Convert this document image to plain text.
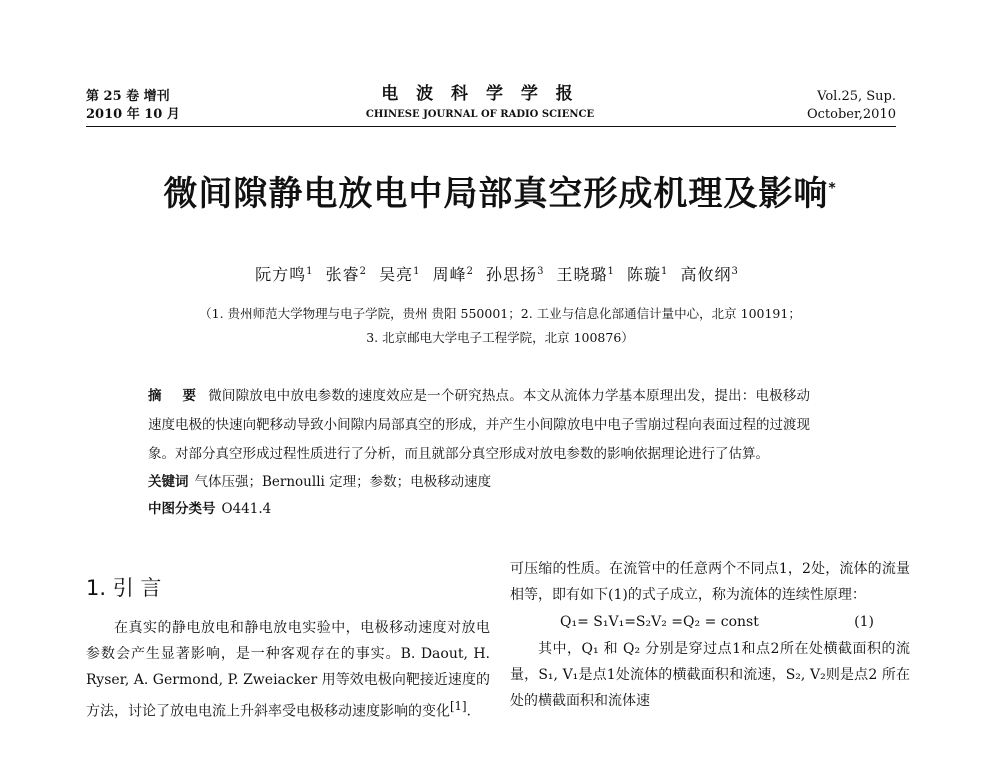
第 25 卷 增刊
2010 年 10 月
电 波 科 学 学 报
CHINESE JOURNAL OF RADIO SCIENCE
Vol.25, Sup.
October,2010
微间隙静电放电中局部真空形成机理及影响*
阮方鸣$^1$ 张睿$^2$ 吴亮$^1$ 周峰$^2$ 孙思扬$^3$ 王晓璐$^1$ 陈璇$^1$ 高攸纲$^3$
（1. 贵州师范大学物理与电子学院，贵州 贵阳 550001；2. 工业与信息化部通信计量中心，北京 100191；
3. 北京邮电大学电子工程学院，北京 100876）
摘 要 微间隙放电中放电参数的速度效应是一个研究热点。本文从流体力学基本原理出发，提出：电极移动速度电极的快速向靶移动导致小间隙内局部真空的形成，并产生小间隙放电中电子雪崩过程向表面过程的过渡现象。对部分真空形成过程性质进行了分析，而且就部分真空形成对放电参数的影响依据理论进行了估算。
关键词 气体压强；Bernoulli 定理；参数；电极移动速度
中图分类号 O441.4
1. 引 言

在真实的静电放电和静电放电实验中，电极移动速度对放电参数会产生显著影响，是一种客观存在的事实。B. Daout, H. Ryser, A. Germond, P. Zweiacker 用等效电极向靶接近速度的方法，讨论了放电电流上升斜率受电极移动速度影响的变化[1].

可压缩的性质。在流管中的任意两个不同点1，2处，流体的流量相等，即有如下(1)的式子成立，称为流体的连续性原理：

Q₁= S₁V₁=S₂V₂ =Q₂ = const	(1)

其中，Q₁ 和 Q₂ 分别是穿过点1和点2所在处横截面积的流量，S₁, V₁是点1处流体的横截面积和流速，S₂, V₂则是点2 所在处的横截面积和流体速
